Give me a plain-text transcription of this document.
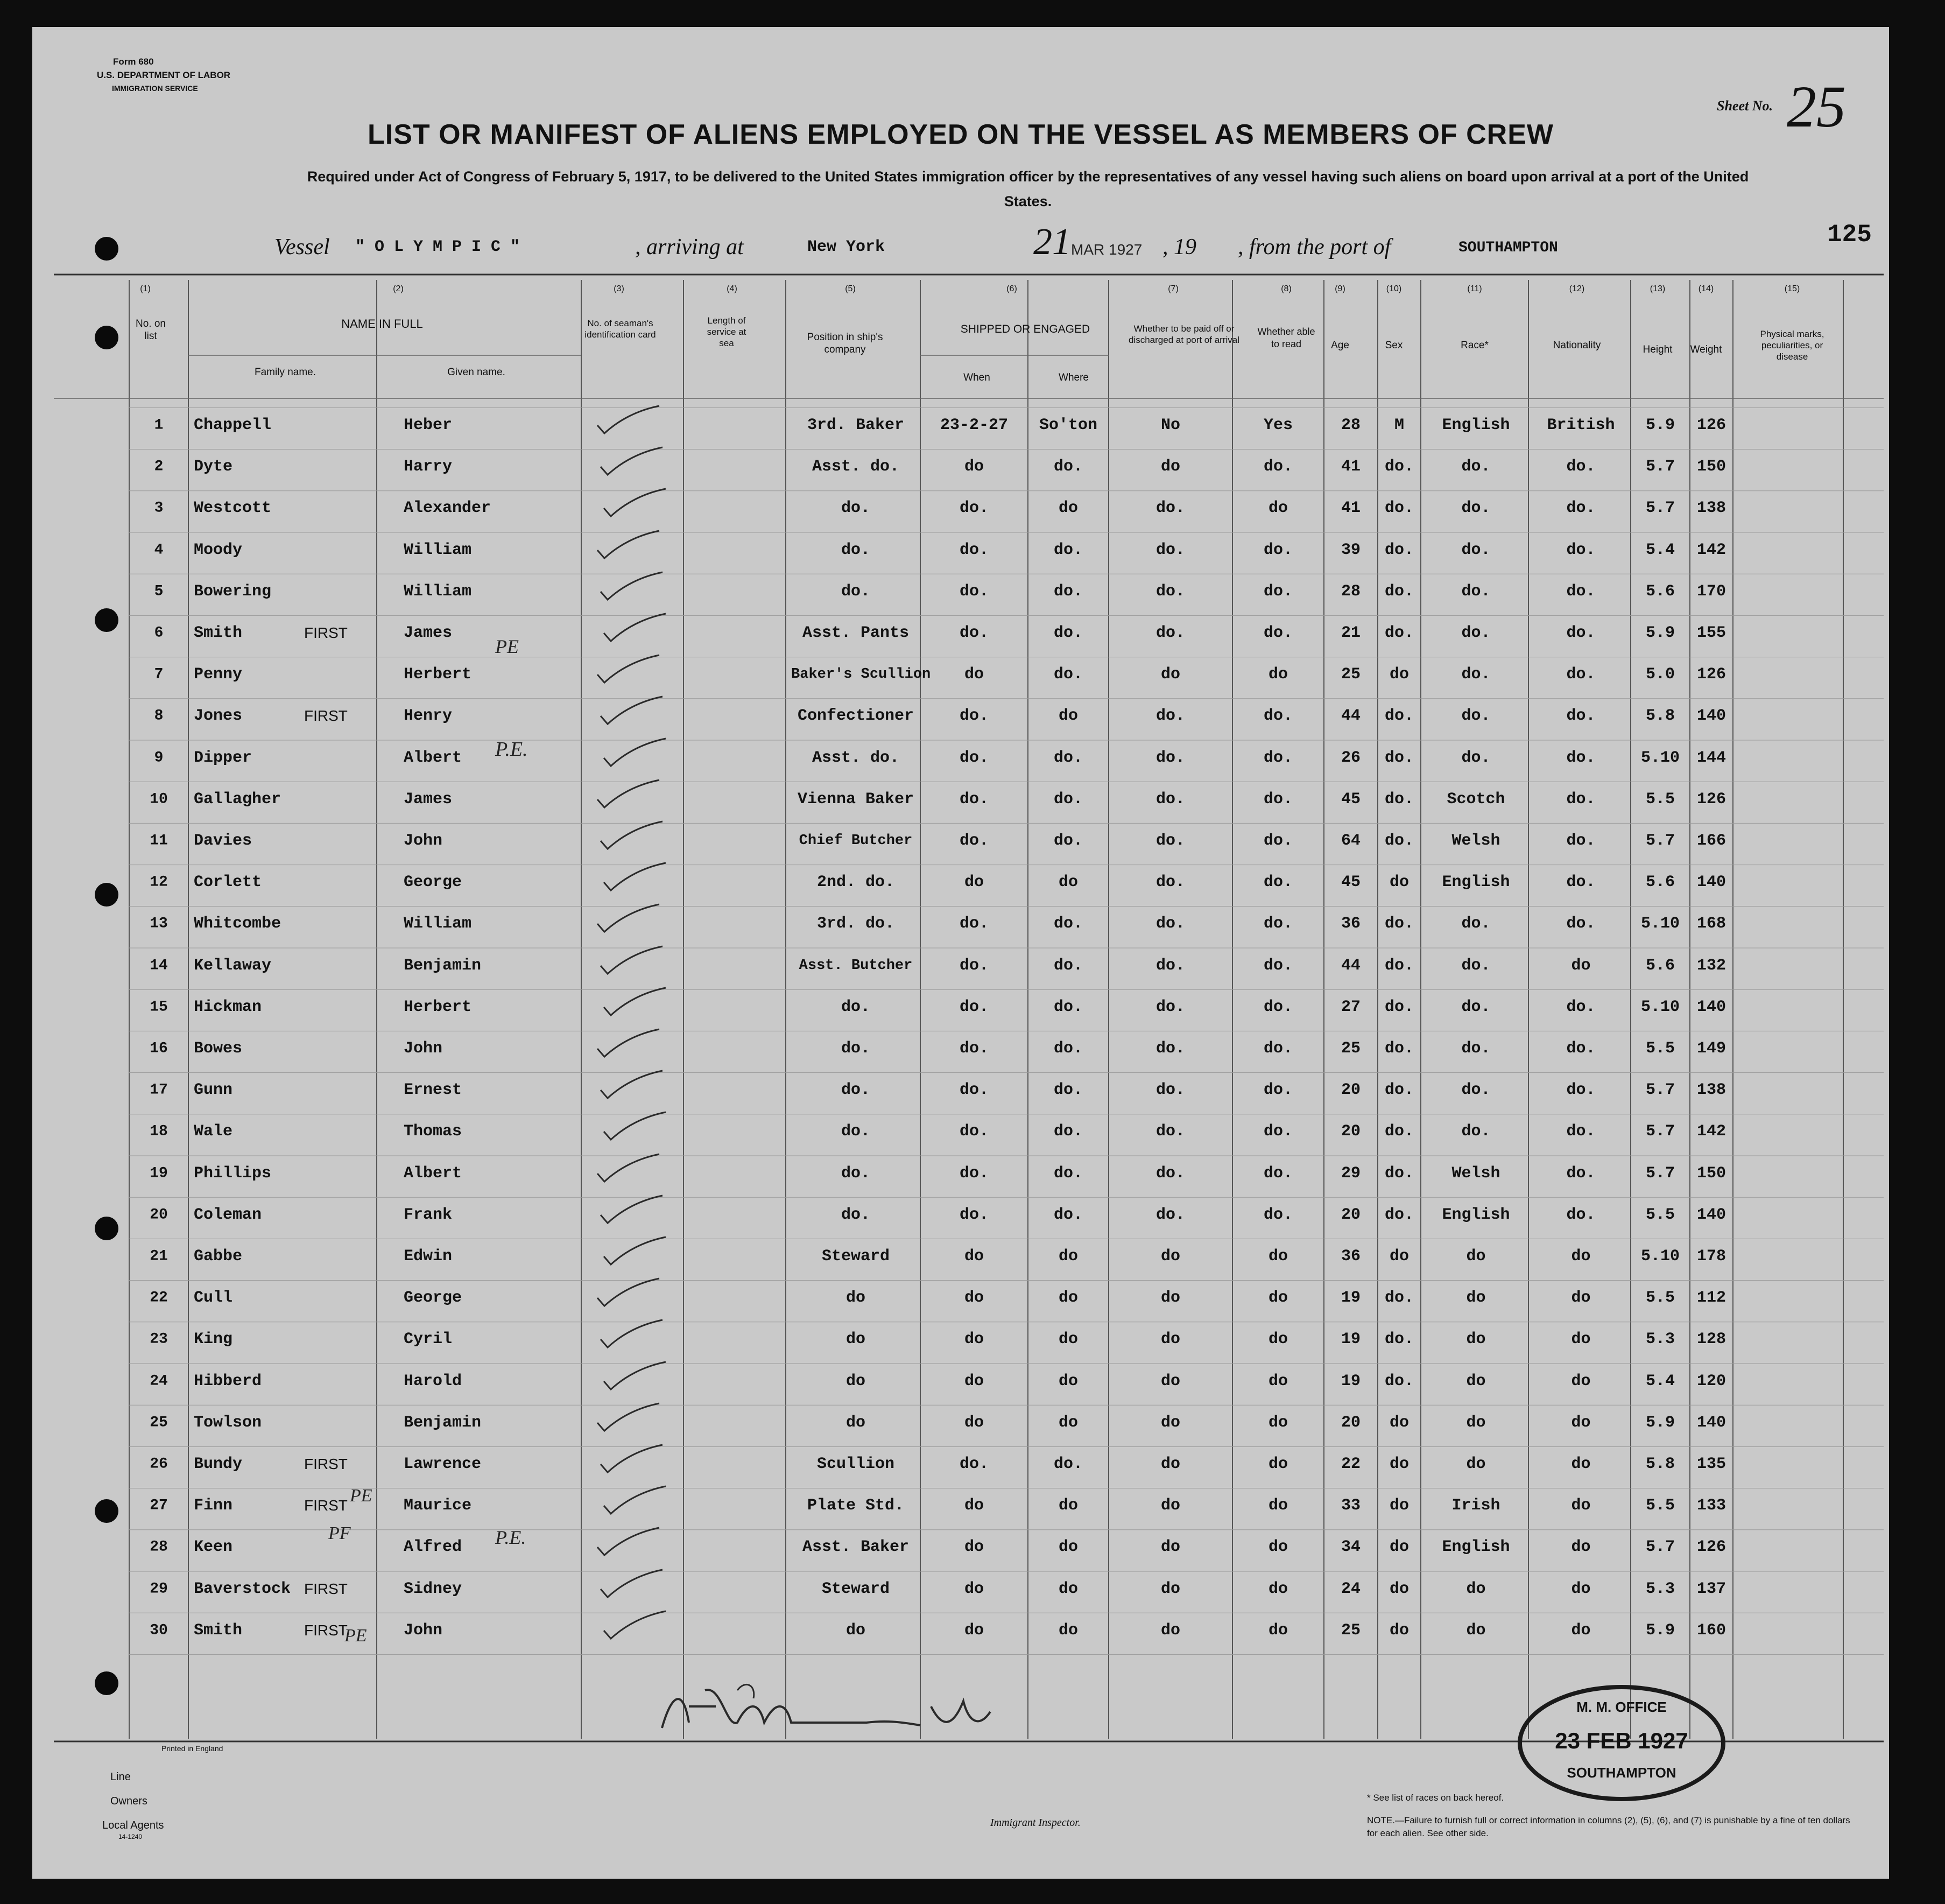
Form 680
U.S. DEPARTMENT OF LABOR
IMMIGRATION SERVICE
Sheet No. 25
LIST OR MANIFEST OF ALIENS EMPLOYED ON THE VESSEL AS MEMBERS OF CREW
Required under Act of Congress of February 5, 1917, to be delivered to the United States immigration officer by the representatives of any vessel having such aliens on board upon arrival at a port of the United States.
Vessel " O L Y M P I C "	, arriving at	New York	21 MAR 1927 , 19 , from the port of	SOUTHAMPTON	125
(1)	(2)	(3)	(4)	(5)	(6)	(7)	(8)	(9)	(10)	(11)	(12)	(13)	(14)	(15)
No. on list
NAME IN FULL
Family name.	Given name.
No. of seaman's identification card
Length of service at sea
Position in ship's company
SHIPPED OR ENGAGED
When	Where
Whether to be paid off or discharged at port of arrival
Whether able to read	Age	Sex	Race*	Nationality	Height	Weight
Physical marks, peculiarities, or disease
1	Chappell	Heber	3rd. Baker	23-2-27	So'ton	No	Yes	28	M	English	British	5.9	126
2	Dyte	Harry	Asst. do.	do	do.	do	do.	41	do.	do.	do.	5.7	150
3	Westcott	Alexander	do.	do.	do	do.	do	41	do.	do.	do.	5.7	138
4	Moody	William	do.	do.	do.	do.	do.	39	do.	do.	do.	5.4	142
5	Bowering	William	do.	do.	do.	do.	do.	28	do.	do.	do.	5.6	170
6	Smith	FIRST	James	Asst. Pants	do.	do.	do.	do.	21	do.	do.	do.	5.9	155
7	Penny	Herbert	Baker's Scullion	do	do.	do	do	25	do	do.	do.	5.0	126
8	Jones	FIRST	Henry	Confectioner	do.	do	do.	do.	44	do.	do.	do.	5.8	140
9	Dipper	Albert	Asst. do.	do.	do.	do.	do.	26	do.	do.	do.	5.10	144
10	Gallagher	James	Vienna Baker	do.	do.	do.	do.	45	do.	Scotch	do.	5.5	126
11	Davies	John	Chief Butcher	do.	do.	do.	do.	64	do.	Welsh	do.	5.7	166
12	Corlett	George	2nd. do.	do	do	do.	do.	45	do	English	do.	5.6	140
13	Whitcombe	William	3rd. do.	do.	do.	do.	do.	36	do.	do.	do.	5.10	168
14	Kellaway	Benjamin	Asst. Butcher	do.	do.	do.	do.	44	do.	do.	do	5.6	132
15	Hickman	Herbert	do.	do.	do.	do.	do.	27	do.	do.	do.	5.10	140
16	Bowes	John	do.	do.	do.	do.	do.	25	do.	do.	do.	5.5	149
17	Gunn	Ernest	do.	do.	do.	do.	do.	20	do.	do.	do.	5.7	138
18	Wale	Thomas	do.	do.	do.	do.	do.	20	do.	do.	do.	5.7	142
19	Phillips	Albert	do.	do.	do.	do.	do.	29	do.	Welsh	do.	5.7	150
20	Coleman	Frank	do.	do.	do.	do.	do.	20	do.	English	do.	5.5	140
21	Gabbe	Edwin	Steward	do	do	do	do	36	do	do	do	5.10	178
22	Cull	George	do	do	do	do	do	19	do.	do	do	5.5	112
23	King	Cyril	do	do	do	do	do	19	do.	do	do	5.3	128
24	Hibberd	Harold	do	do	do	do	do	19	do.	do	do	5.4	120
25	Towlson	Benjamin	do	do	do	do	do	20	do	do	do	5.9	140
26	Bundy	FIRST	Lawrence	Scullion	do.	do.	do	do	22	do	do	do	5.8	135
27	Finn	FIRST	Maurice	Plate Std.	do	do	do	do	33	do	Irish	do	5.5	133
28	Keen	Alfred	Asst. Baker	do	do	do	do	34	do	English	do	5.7	126
29	Baverstock FIRST	Sidney	Steward	do	do	do	do	24	do	do	do	5.3	137
30	Smith	FIRST	John	do	do	do	do	do	25	do	do	do	5.9	160
PE
P.E.
PE
P.E.
PF
PE
M. M. OFFICE
23 FEB 1927
SOUTHAMPTON
Printed in England
Line
Owners
Local Agents
14-1240
Immigrant Inspector.
* See list of races on back hereof.
NOTE.—Failure to furnish full or correct information in columns (2), (5), (6), and (7) is punishable by a fine of ten dollars for each alien. See other side.
